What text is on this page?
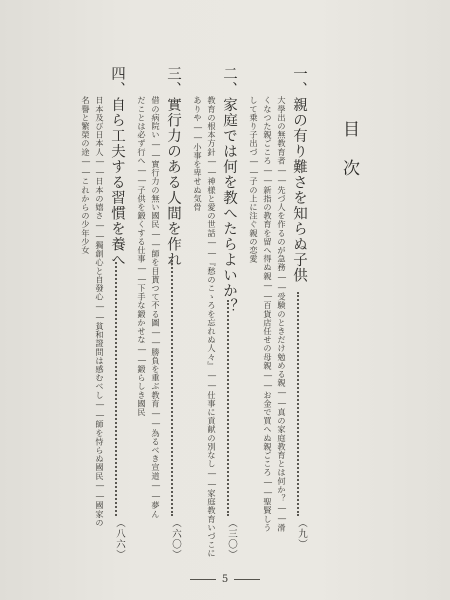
目次
一、親の有り難さを知らぬ子供
（九）
大學出の無教育者――先づ人を作るのが急務――受験のときだけ勉める親――真の家庭教育とは何か？――滑
くなつた親ごころ――新指の教育を留へ得ぬ親――百貨店任せの母親――お金で買へぬ親ごころ――聖賢しう
して乗り子出づ――子の上に注ぐ親の恋愛
二、家庭では何を教へたらよいか？
（三〇）
教育の根本方針――神様と愛の世話――『愁のこゝろを忘れぬ人々』――仕事に貢献の別なし――家庭教育いづこに
ありや――小事を卑せぬ気骨
三、實行力のある人間を作れ
（六〇）
借の病院い――實行力の無い國民――師を目貰つて不る圖――勝負を重ぶ教育――為るべき宣道――夢ん
だことは必ず行へ――子供を鍛くする仕事――下手な鍛かせな――鍛らしき國民
四、自ら工夫する習慣を養へ
（八六）
日本及び日本人――日本の嬉さ――獨創心と自發心――貧和證問は感むべし――師を恃らぬ國民――國家の
名譽と繁榮の途――これからの少年少女
5
